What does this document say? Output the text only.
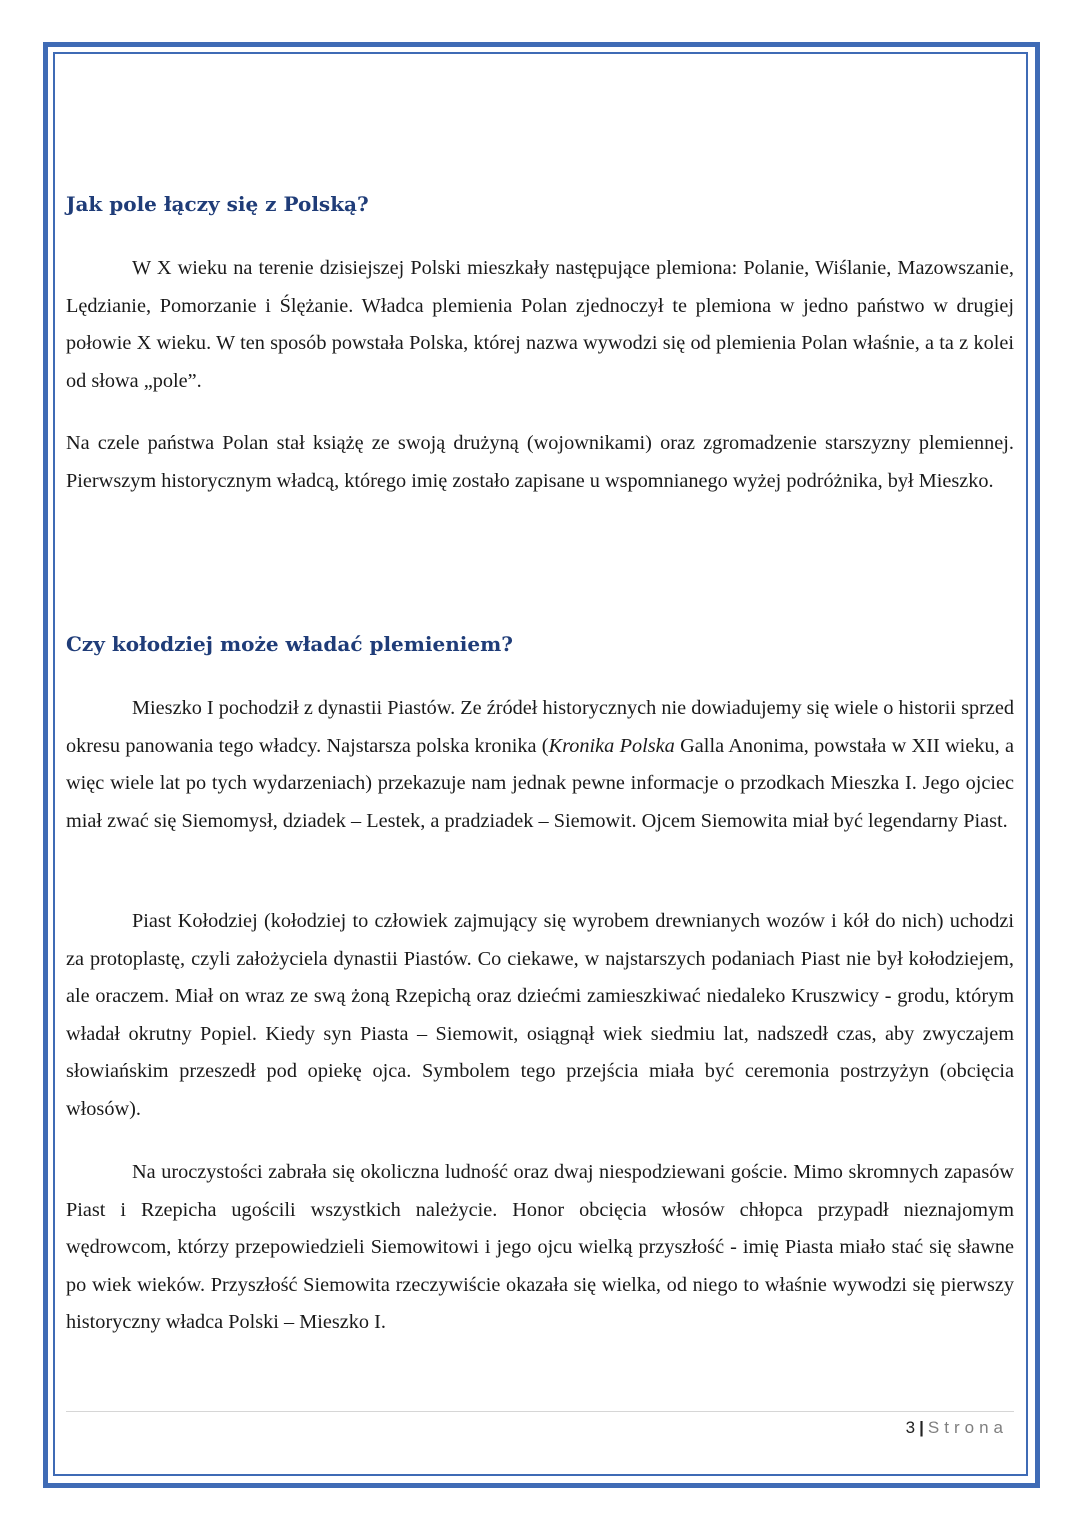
Jak pole łączy się z Polską?

W X wieku na terenie dzisiejszej Polski mieszkały następujące plemiona: Polanie, Wiślanie, Mazowszanie, Lędzianie, Pomorzanie i Ślężanie. Władca plemienia Polan zjednoczył te plemiona w jedno państwo w drugiej połowie X wieku. W ten sposób powstała Polska, której nazwa wywodzi się od plemienia Polan właśnie, a ta z kolei od słowa „pole”.

Na czele państwa Polan stał książę ze swoją drużyną (wojownikami) oraz zgromadzenie starszyzny plemiennej. Pierwszym historycznym władcą, którego imię zostało zapisane u wspomnianego wyżej podróżnika, był Mieszko.

Czy kołodziej może władać plemieniem?

Mieszko I pochodził z dynastii Piastów. Ze źródeł historycznych nie dowiadujemy się wiele o historii sprzed okresu panowania tego władcy. Najstarsza polska kronika (Kronika Polska Galla Anonima, powstała w XII wieku, a więc wiele lat po tych wydarzeniach) przekazuje nam jednak pewne informacje o przodkach Mieszka I. Jego ojciec miał zwać się Siemomysł, dziadek – Lestek, a pradziadek – Siemowit. Ojcem Siemowita miał być legendarny Piast.

Piast Kołodziej (kołodziej to człowiek zajmujący się wyrobem drewnianych wozów i kół do nich) uchodzi za protoplastę, czyli założyciela dynastii Piastów. Co ciekawe, w najstarszych podaniach Piast nie był kołodziejem, ale oraczem. Miał on wraz ze swą żoną Rzepichą oraz dziećmi zamieszkiwać niedaleko Kruszwicy - grodu, którym władał okrutny Popiel. Kiedy syn Piasta – Siemowit, osiągnął wiek siedmiu lat, nadszedł czas, aby zwyczajem słowiańskim przeszedł pod opiekę ojca. Symbolem tego przejścia miała być ceremonia postrzyżyn (obcięcia włosów).

Na uroczystości zabrała się okoliczna ludność oraz dwaj niespodziewani goście. Mimo skromnych zapasów Piast i Rzepicha ugościli wszystkich należycie. Honor obcięcia włosów chłopca przypadł nieznajomym wędrowcom, którzy przepowiedzieli Siemowitowi i jego ojcu wielką przyszłość - imię Piasta miało stać się sławne po wiek wieków. Przyszłość Siemowita rzeczywiście okazała się wielka, od niego to właśnie wywodzi się pierwszy historyczny władca Polski – Mieszko I.

3 | Strona
